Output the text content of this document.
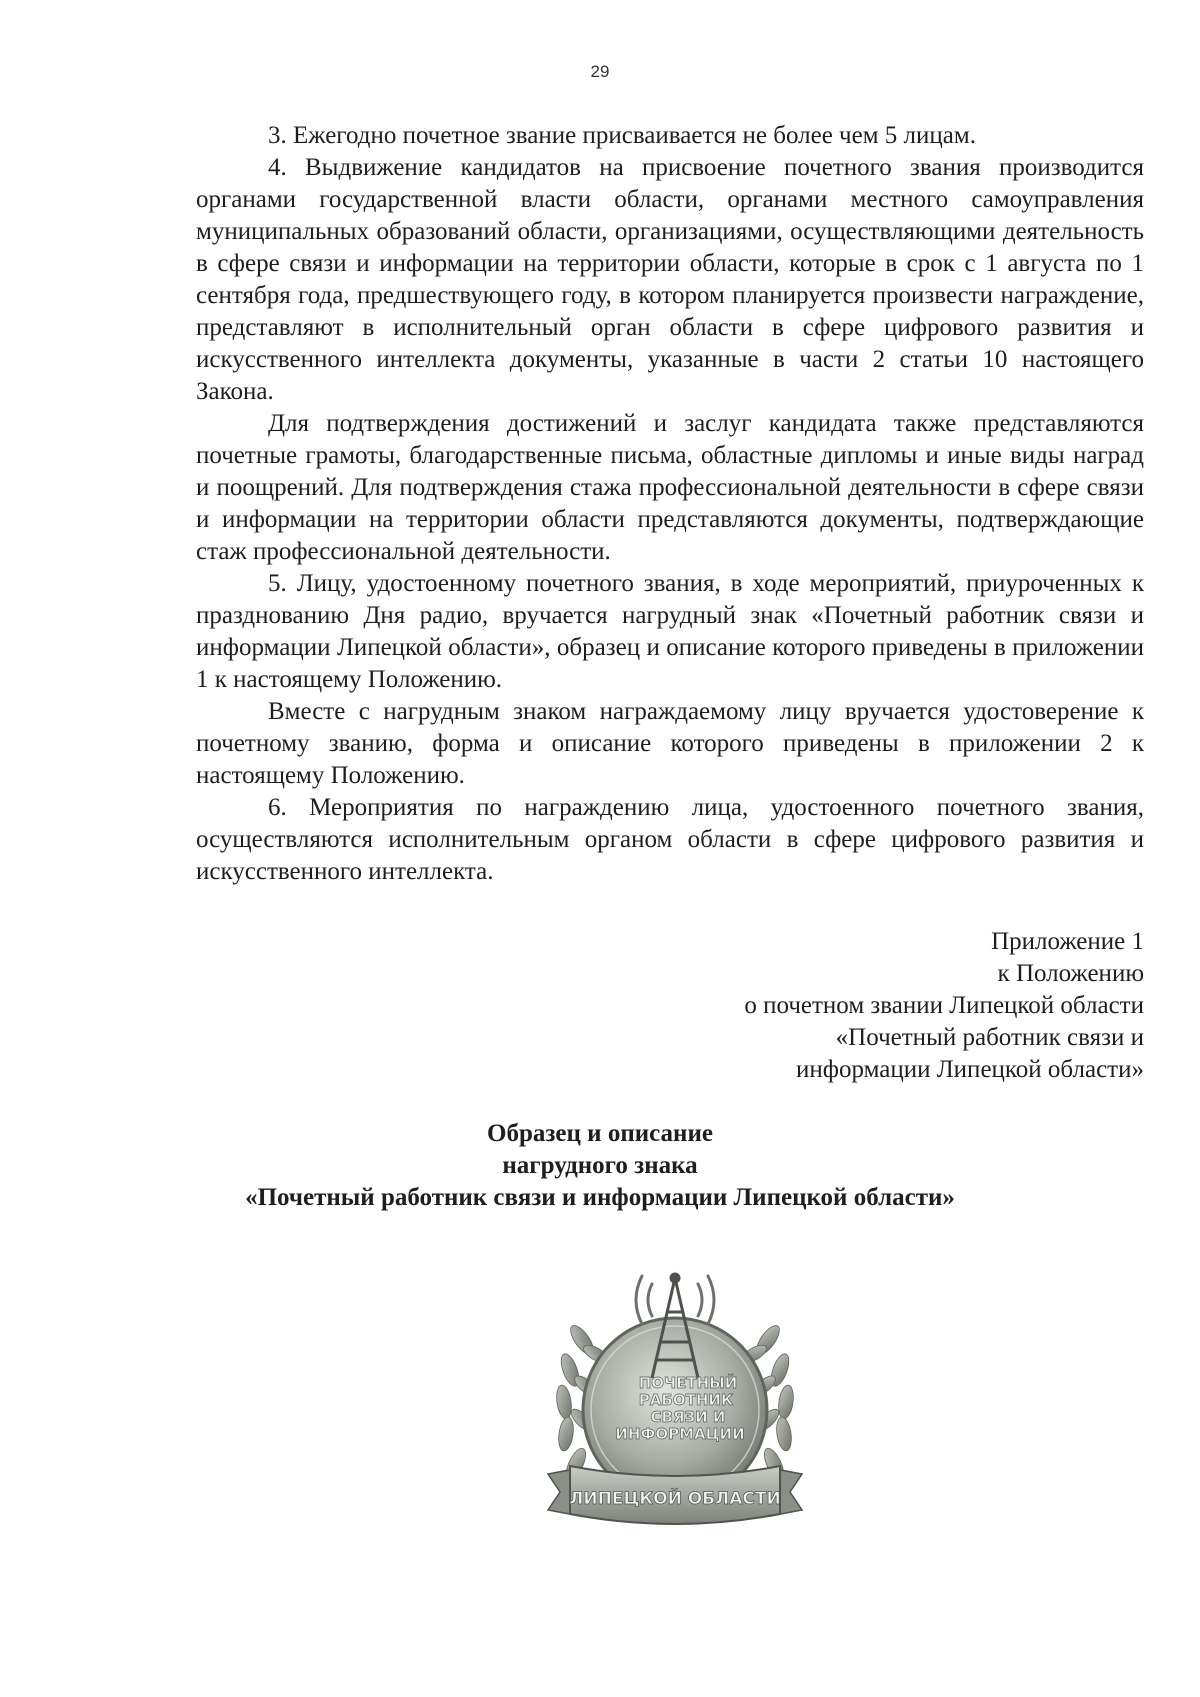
29

3. Ежегодно почетное звание присваивается не более чем 5 лицам.

4. Выдвижение кандидатов на присвоение почетного звания производится органами государственной власти области, органами местного самоуправления муниципальных образований области, организациями, осуществляющими деятельность в сфере связи и информации на территории области, которые в срок с 1 августа по 1 сентября года, предшествующего году, в котором планируется произвести награждение, представляют в исполнительный орган области в сфере цифрового развития и искусственного интеллекта документы, указанные в части 2 статьи 10 настоящего Закона.

Для подтверждения достижений и заслуг кандидата также представляются почетные грамоты, благодарственные письма, областные дипломы и иные виды наград и поощрений. Для подтверждения стажа профессиональной деятельности в сфере связи и информации на территории области представляются документы, подтверждающие стаж профессиональной деятельности.

5. Лицу, удостоенному почетного звания, в ходе мероприятий, приуроченных к празднованию Дня радио, вручается нагрудный знак «Почетный работник связи и информации Липецкой области», образец и описание которого приведены в приложении 1 к настоящему Положению.

Вместе с нагрудным знаком награждаемому лицу вручается удостоверение к почетному званию, форма и описание которого приведены в приложении 2 к настоящему Положению.

6. Мероприятия по награждению лица, удостоенного почетного звания, осуществляются исполнительным органом области в сфере цифрового развития и искусственного интеллекта.

Приложение 1
к Положению
о почетном звании Липецкой области
«Почетный работник связи и
информации Липецкой области»
Образец и описание
нагрудного знака
«Почетный работник связи и информации Липецкой области»
ПОЧЕТНЫЙ
РАБОТНИК
СВЯЗИ И
ИНФОРМАЦИИ
ЛИПЕЦКОЙ ОБЛАСТИ
